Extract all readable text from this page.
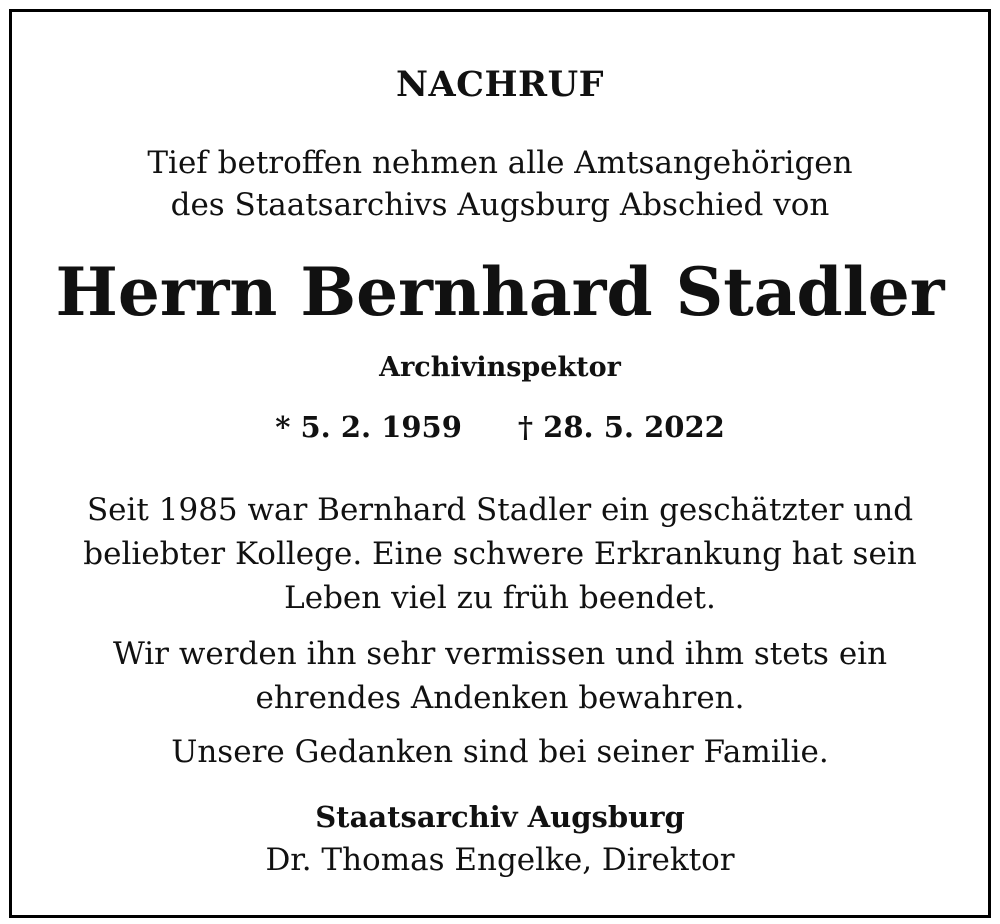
NACHRUF
Tief betroffen nehmen alle Amtsangehörigen
des Staatsarchivs Augsburg Abschied von
Herrn Bernhard Stadler
Archivinspektor
* 5. 2. 1959 † 28. 5. 2022
Seit 1985 war Bernhard Stadler ein geschätzter und
beliebter Kollege. Eine schwere Erkrankung hat sein
Leben viel zu früh beendet.
Wir werden ihn sehr vermissen und ihm stets ein
ehrendes Andenken bewahren.
Unsere Gedanken sind bei seiner Familie.
Staatsarchiv Augsburg
Dr. Thomas Engelke, Direktor
